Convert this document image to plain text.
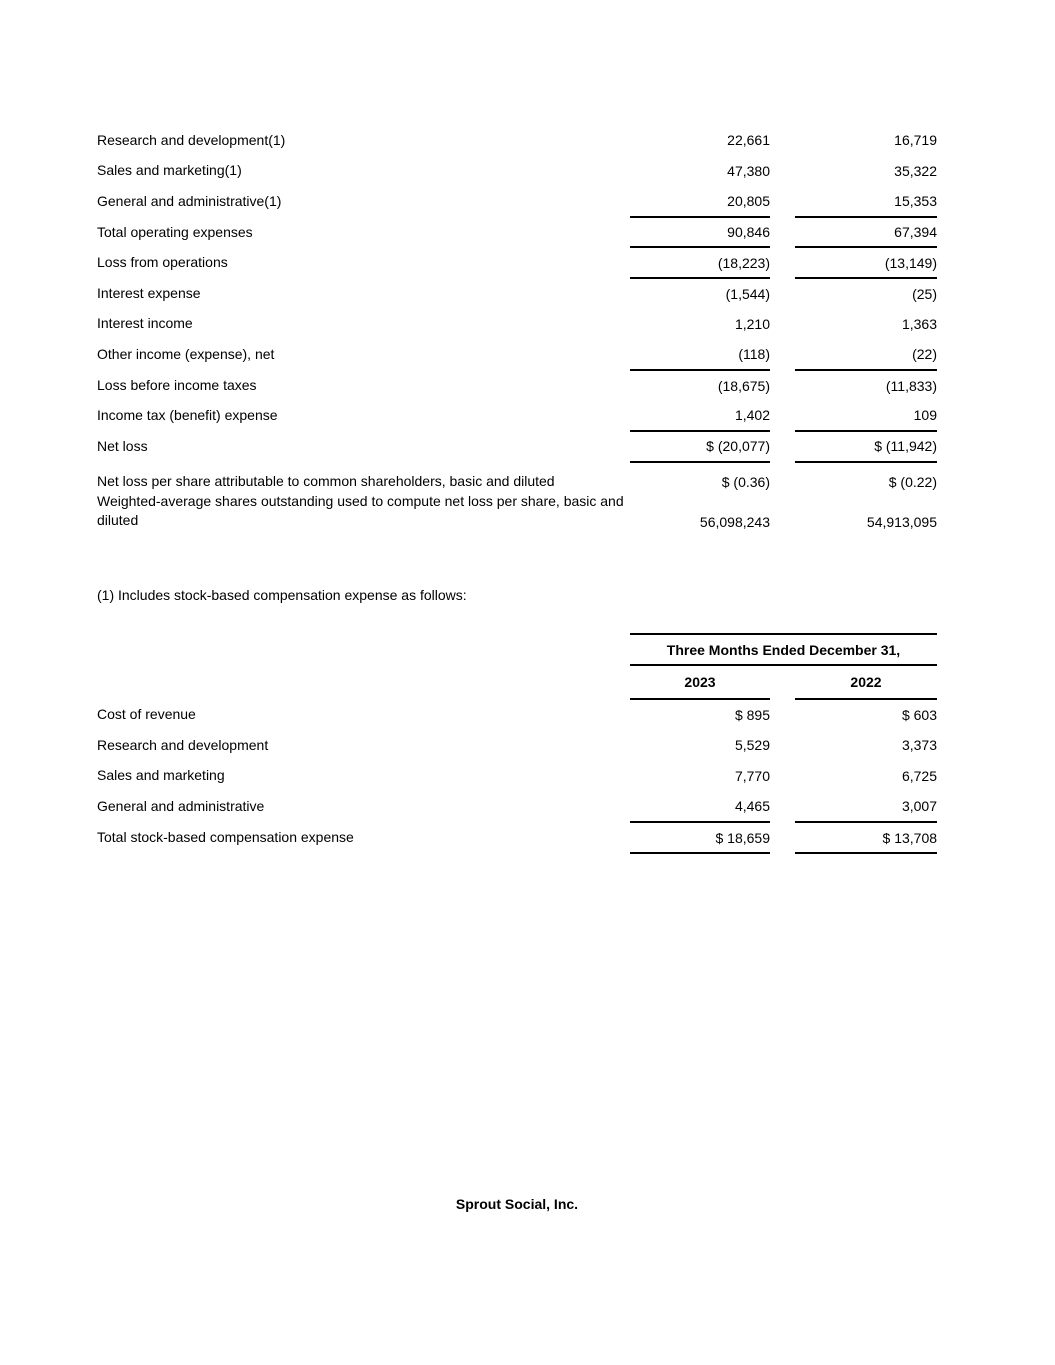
Research and development(1)	22,661		16,719
Sales and marketing(1)	47,380		35,322
General and administrative(1)	20,805		15,353
Total operating expenses	90,846		67,394
Loss from operations	(18,223)		(13,149)
Interest expense	(1,544)		(25)
Interest income	1,210		1,363
Other income (expense), net	(118)		(22)
Loss before income taxes	(18,675)		(11,833)
Income tax (benefit) expense	1,402		109
Net loss	$ (20,077)		$ (11,942)
Net loss per share attributable to common shareholders, basic and diluted	$ (0.36)		$ (0.22)
Weighted-average shares outstanding used to compute net loss per share, basic and diluted	56,098,243		54,913,095

(1) Includes stock-based compensation expense as follows:

	Three Months Ended December 31,		
	2023		2022
Cost of revenue	$ 895		$ 603
Research and development	5,529		3,373
Sales and marketing	7,770		6,725
General and administrative	4,465		3,007
Total stock-based compensation expense	$ 18,659		$ 13,708
Sprout Social, Inc.
